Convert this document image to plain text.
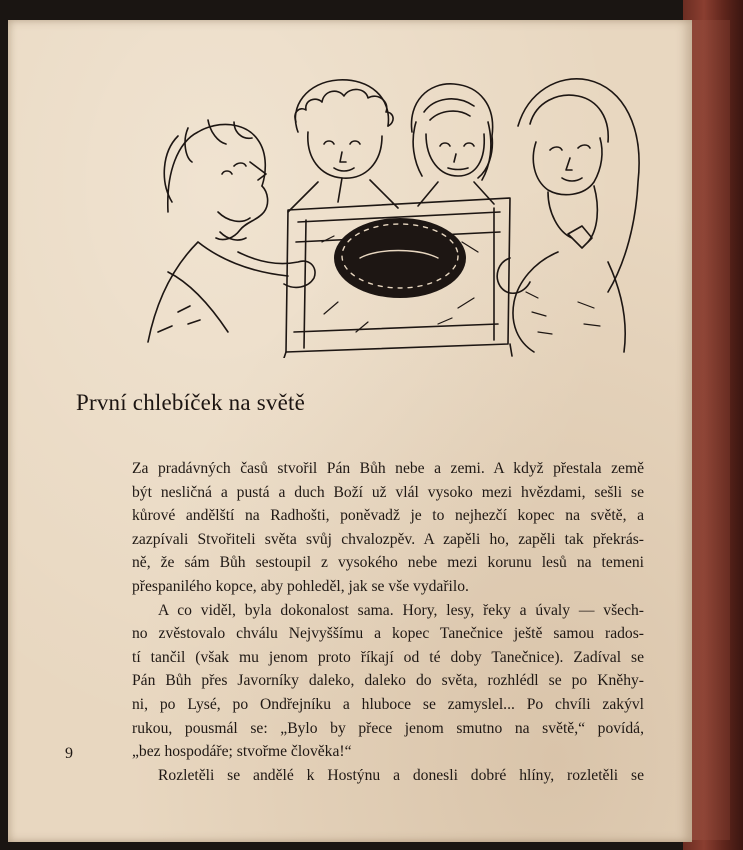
První chlebíček na světě
Za pradávných časů stvořil Pán Bůh nebe a zemi. A když přestala země
být nesličná a pustá a duch Boží už vlál vysoko mezi hvězdami, sešli se
kůrové andělští na Radhošti, poněvadž je to nejhezčí kopec na světě, a
zazpívali Stvořiteli světa svůj chvalozpěv. A zapěli ho, zapěli tak překrás-
ně, že sám Bůh sestoupil z vysokého nebe mezi korunu lesů na temeni
přespanilého kopce, aby pohleděl, jak se vše vydařilo.
A co viděl, byla dokonalost sama. Hory, lesy, řeky a úvaly — všech-
no zvěstovalo chválu Nejvyššímu a kopec Tanečnice ještě samou rados-
tí tančil (však mu jenom proto říkají od té doby Tanečnice). Zadíval se
Pán Bůh přes Javorníky daleko, daleko do světa, rozhlédl se po Kněhy-
ni, po Lysé, po Ondřejníku a hluboce se zamyslel... Po chvíli zakývl
rukou, pousmál se: „Bylo by přece jenom smutno na světě,“ povídá,
„bez hospodáře; stvořme člověka!“
Rozletěli se andělé k Hostýnu a donesli dobré hlíny, rozletěli se
9
